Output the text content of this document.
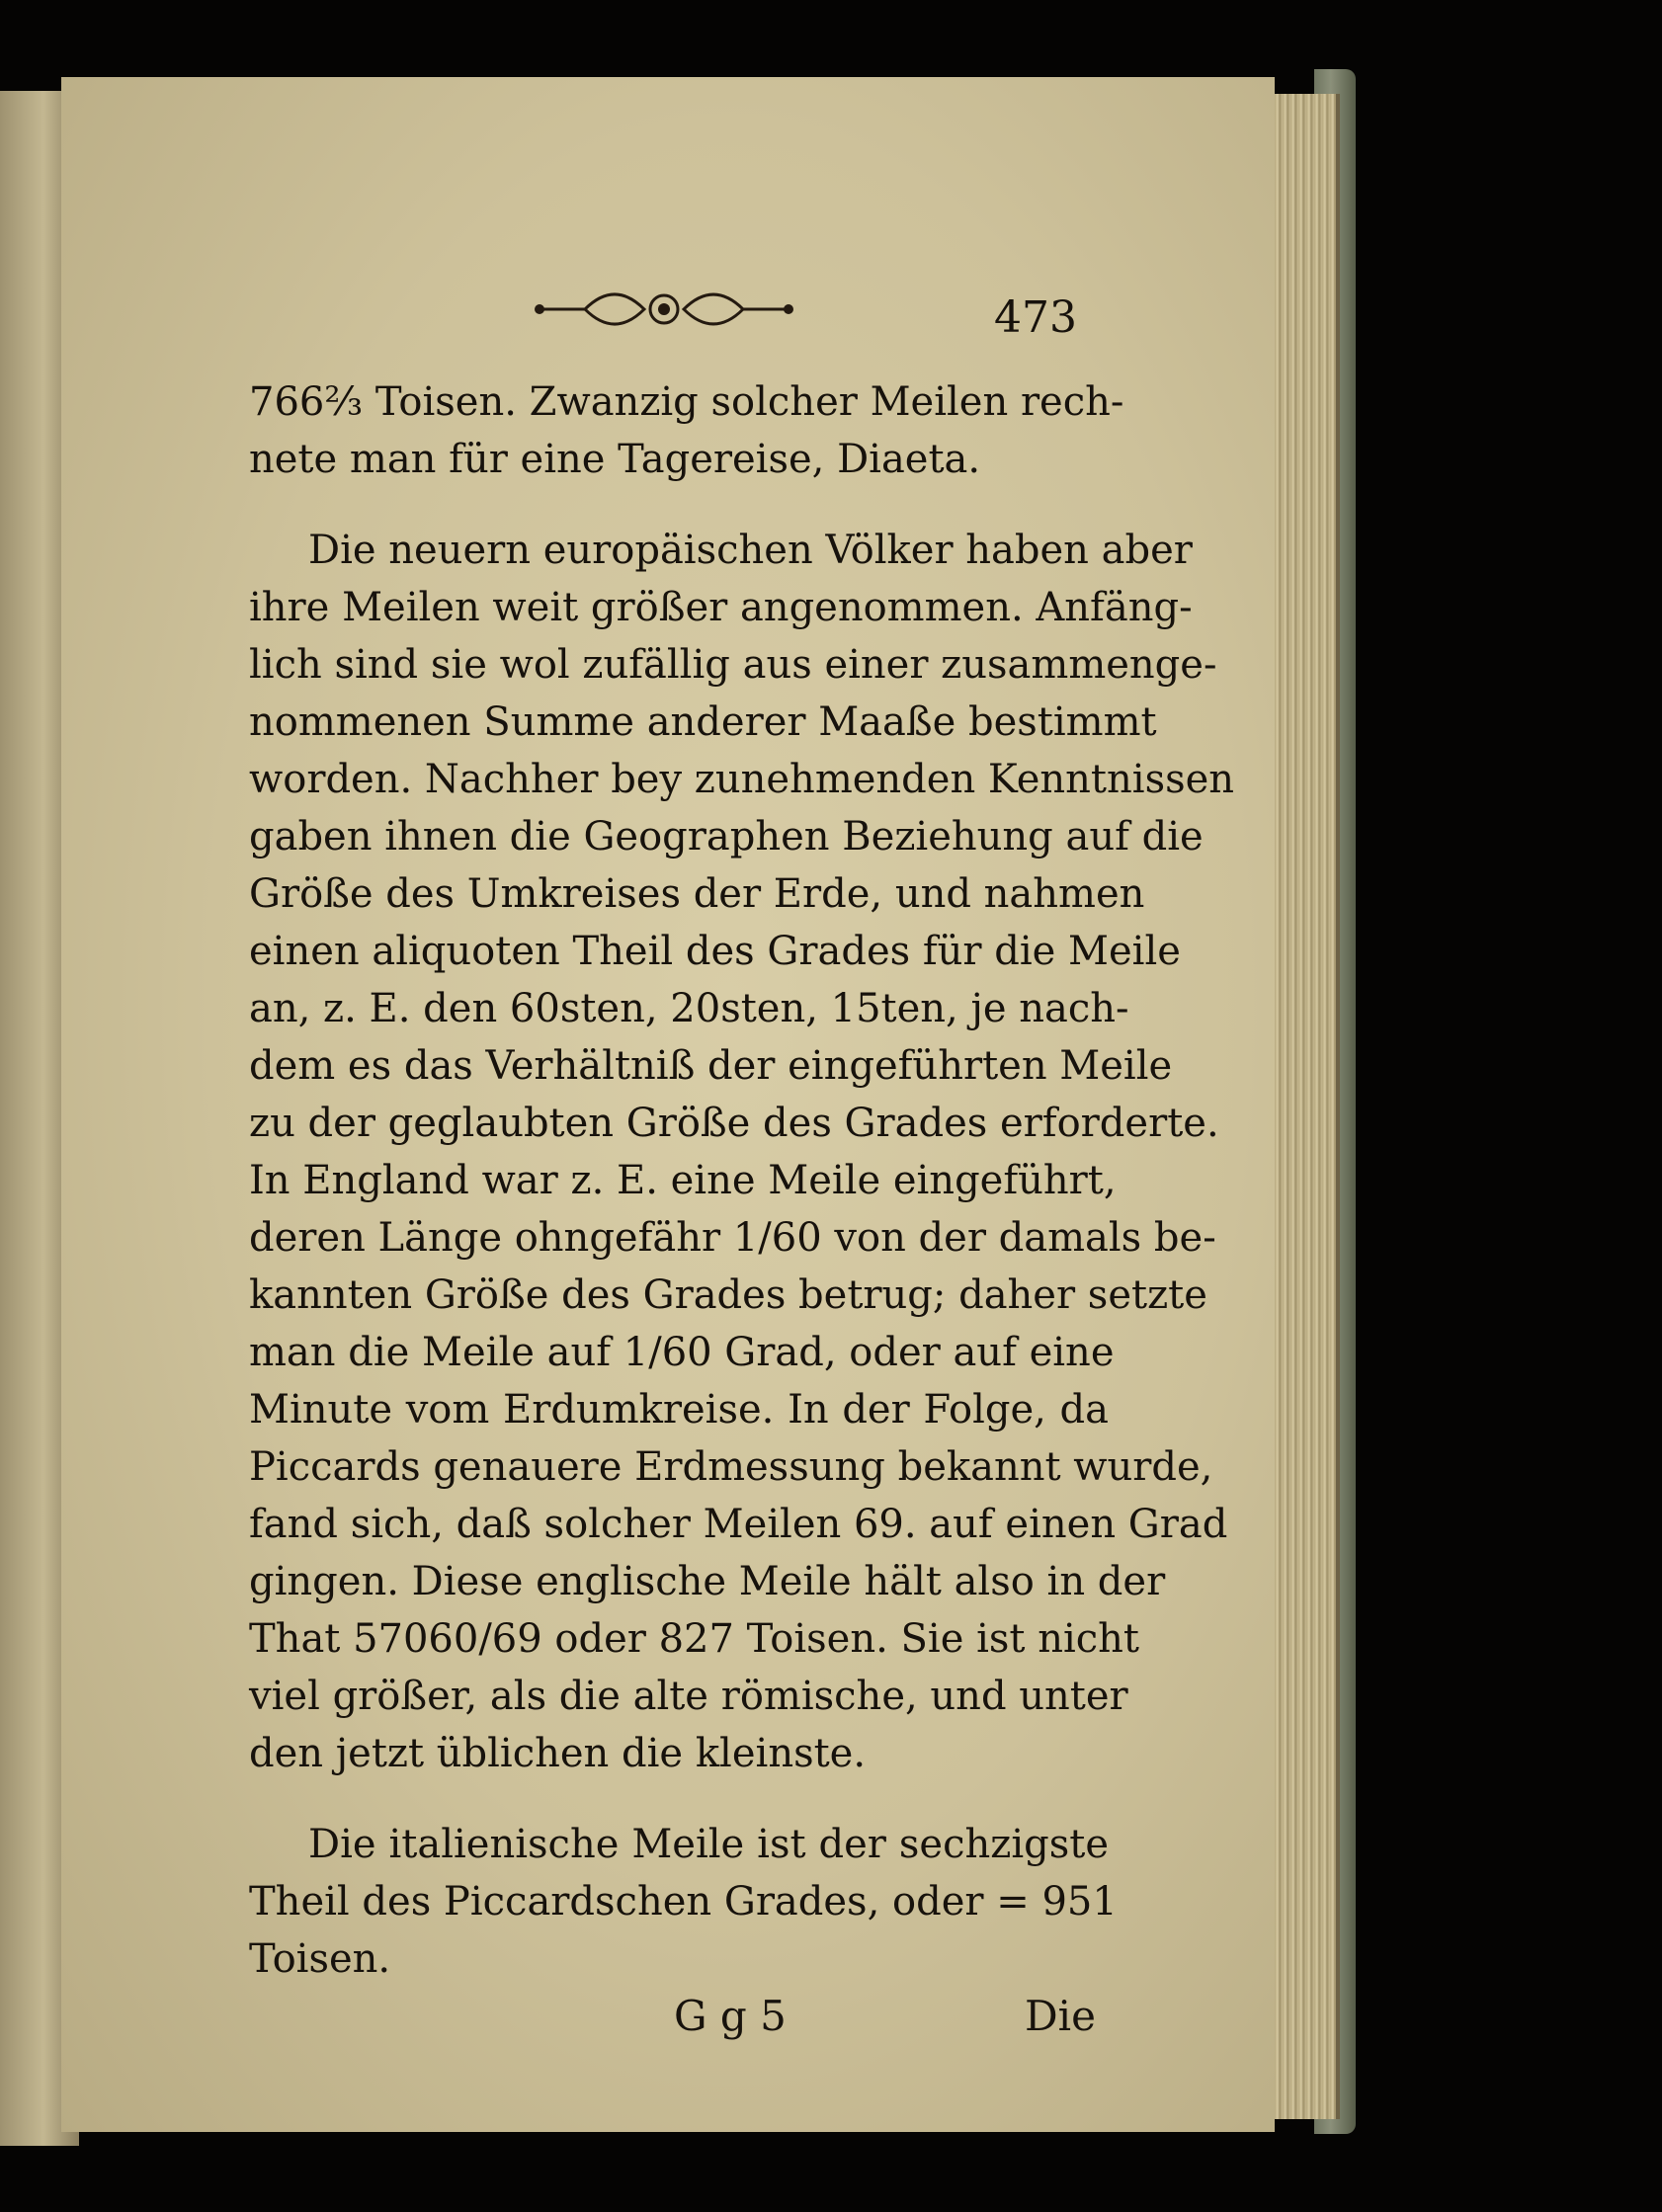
473
766⅔ Toisen. Zwanzig solcher Meilen rech-
nete man für eine Tagereise, Diaeta.
Die neuern europäischen Völker haben aber
ihre Meilen weit größer angenommen. Anfäng-
lich sind sie wol zufällig aus einer zusammenge-
nommenen Summe anderer Maaße bestimmt
worden. Nachher bey zunehmenden Kenntnissen
gaben ihnen die Geographen Beziehung auf die
Größe des Umkreises der Erde, und nahmen
einen aliquoten Theil des Grades für die Meile
an, z. E. den 60sten, 20sten, 15ten, je nach-
dem es das Verhältniß der eingeführten Meile
zu der geglaubten Größe des Grades erforderte.
In England war z. E. eine Meile eingeführt,
deren Länge ohngefähr 1/60 von der damals be-
kannten Größe des Grades betrug; daher setzte
man die Meile auf 1/60 Grad, oder auf eine
Minute vom Erdumkreise. In der Folge, da
Piccards genauere Erdmessung bekannt wurde,
fand sich, daß solcher Meilen 69. auf einen Grad
gingen. Diese englische Meile hält also in der
That 57060/69 oder 827 Toisen. Sie ist nicht
viel größer, als die alte römische, und unter
den jetzt üblichen die kleinste.
Die italienische Meile ist der sechzigste
Theil des Piccardschen Grades, oder = 951
Toisen.
G g 5	Die
